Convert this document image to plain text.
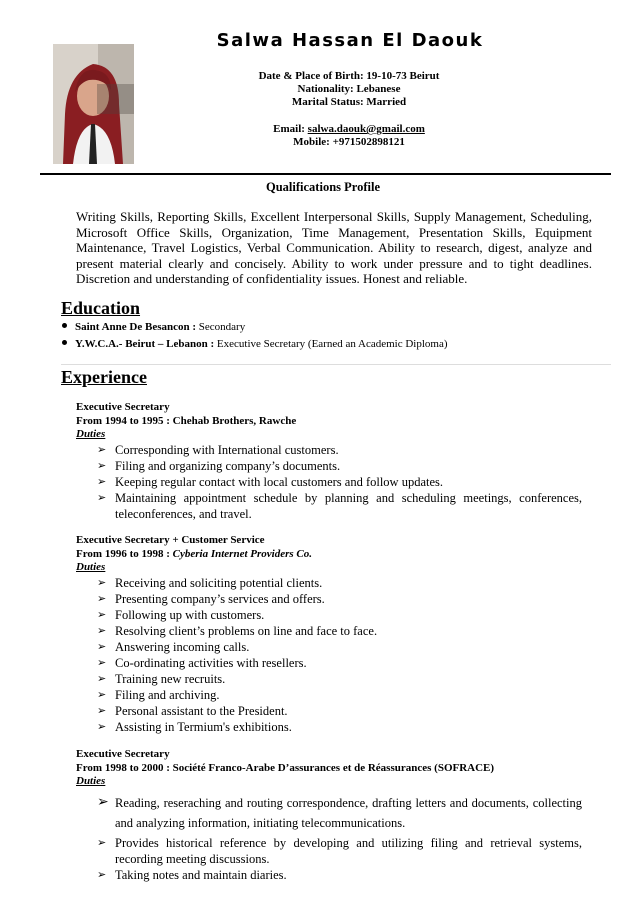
Salwa Hassan El Daouk
Date & Place of Birth: 19-10-73 Beirut
Nationality: Lebanese
Marital Status: Married
Email: salwa.daouk@gmail.com
Mobile: +971502898121
Qualifications Profile
Writing Skills, Reporting Skills, Excellent Interpersonal Skills, Supply Management, Scheduling, Microsoft Office Skills, Organization, Time Management, Presentation Skills, Equipment Maintenance, Travel Logistics, Verbal Communication. Ability to research, digest, analyze and present material clearly and concisely. Ability to work under pressure and to tight deadlines. Discretion and understanding of confidentiality issues. Honest and reliable.
Education
Saint Anne De Besancon : Secondary
Y.W.C.A.- Beirut – Lebanon : Executive Secretary (Earned an Academic Diploma)
Experience
Executive Secretary
From 1994 to 1995 : Chehab Brothers, Rawche
Duties
➢ Corresponding with International customers.
➢ Filing and organizing company’s documents.
➢ Keeping regular contact with local customers and follow updates.
➢ Maintaining appointment schedule by planning and scheduling meetings, conferences, teleconferences, and travel.
Executive Secretary + Customer Service
From 1996 to 1998 : Cyberia Internet Providers Co.
Duties
➢ Receiving and soliciting potential clients.
➢ Presenting company’s services and offers.
➢ Following up with customers.
➢ Resolving client’s problems on line and face to face.
➢ Answering incoming calls.
➢ Co-ordinating activities with resellers.
➢ Training new recruits.
➢ Filing and archiving.
➢ Personal assistant to the President.
➢ Assisting in Termium's exhibitions.
Executive Secretary
From 1998 to 2000 : Société Franco-Arabe D’assurances et de Réassurances (SOFRACE)
Duties
➢ Reading, reseraching and routing correspondence, drafting letters and documents, collecting and analyzing information, initiating telecommunications.
➢ Provides historical reference by developing and utilizing filing and retrieval systems, recording meeting discussions.
➢ Taking notes and maintain diaries.
